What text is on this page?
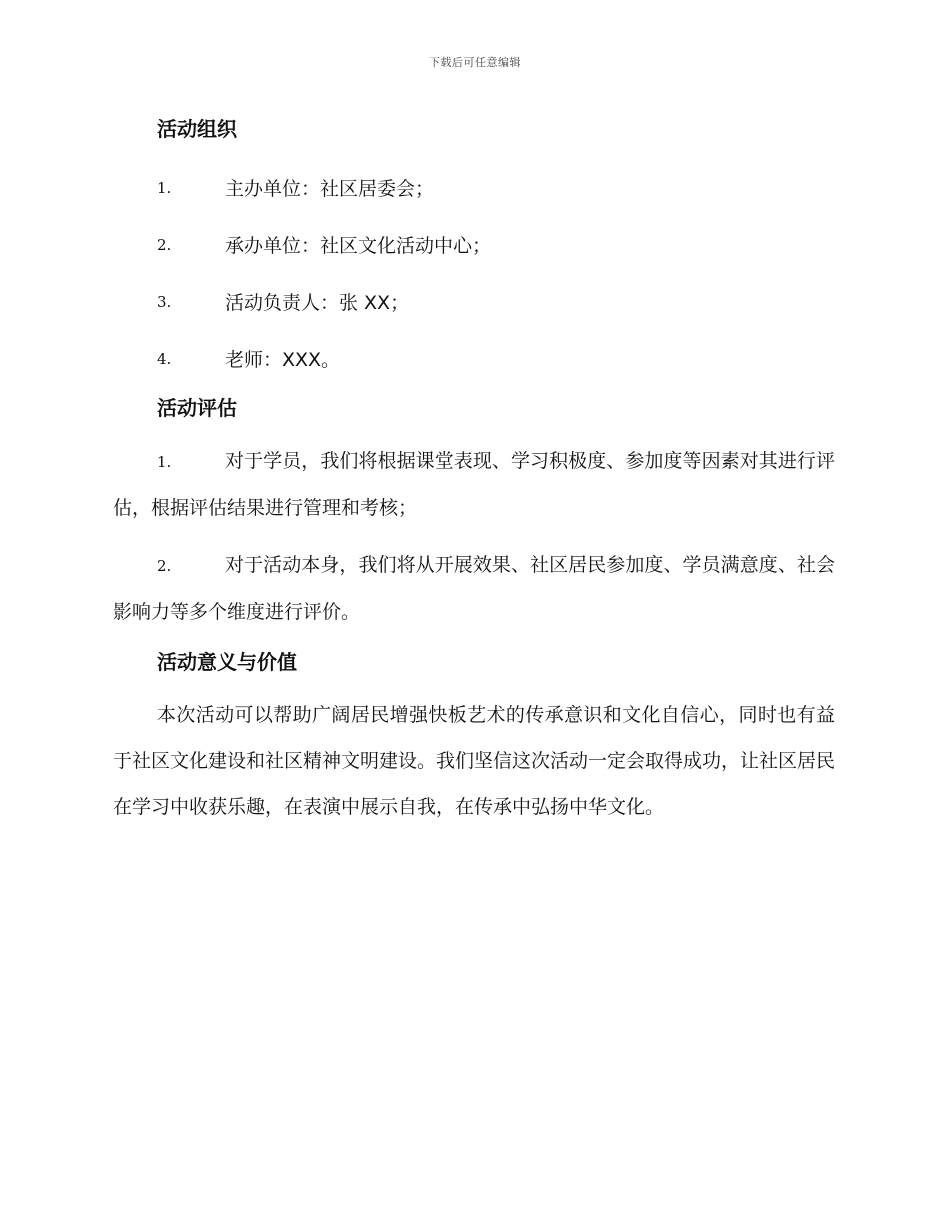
下载后可任意编辑
活动组织
1.	主办单位：社区居委会；
2.	承办单位：社区文化活动中心；
3.	活动负责人：张 XX；
4.	老师：XXX。
活动评估

1.	对于学员，我们将根据课堂表现、学习积极度、参加度等因素对其进行评估，根据评估结果进行管理和考核；

2.	对于活动本身，我们将从开展效果、社区居民参加度、学员满意度、社会影响力等多个维度进行评价。

活动意义与价值

本次活动可以帮助广阔居民增强快板艺术的传承意识和文化自信心，同时也有益于社区文化建设和社区精神文明建设。我们坚信这次活动一定会取得成功，让社区居民在学习中收获乐趣，在表演中展示自我，在传承中弘扬中华文化。
